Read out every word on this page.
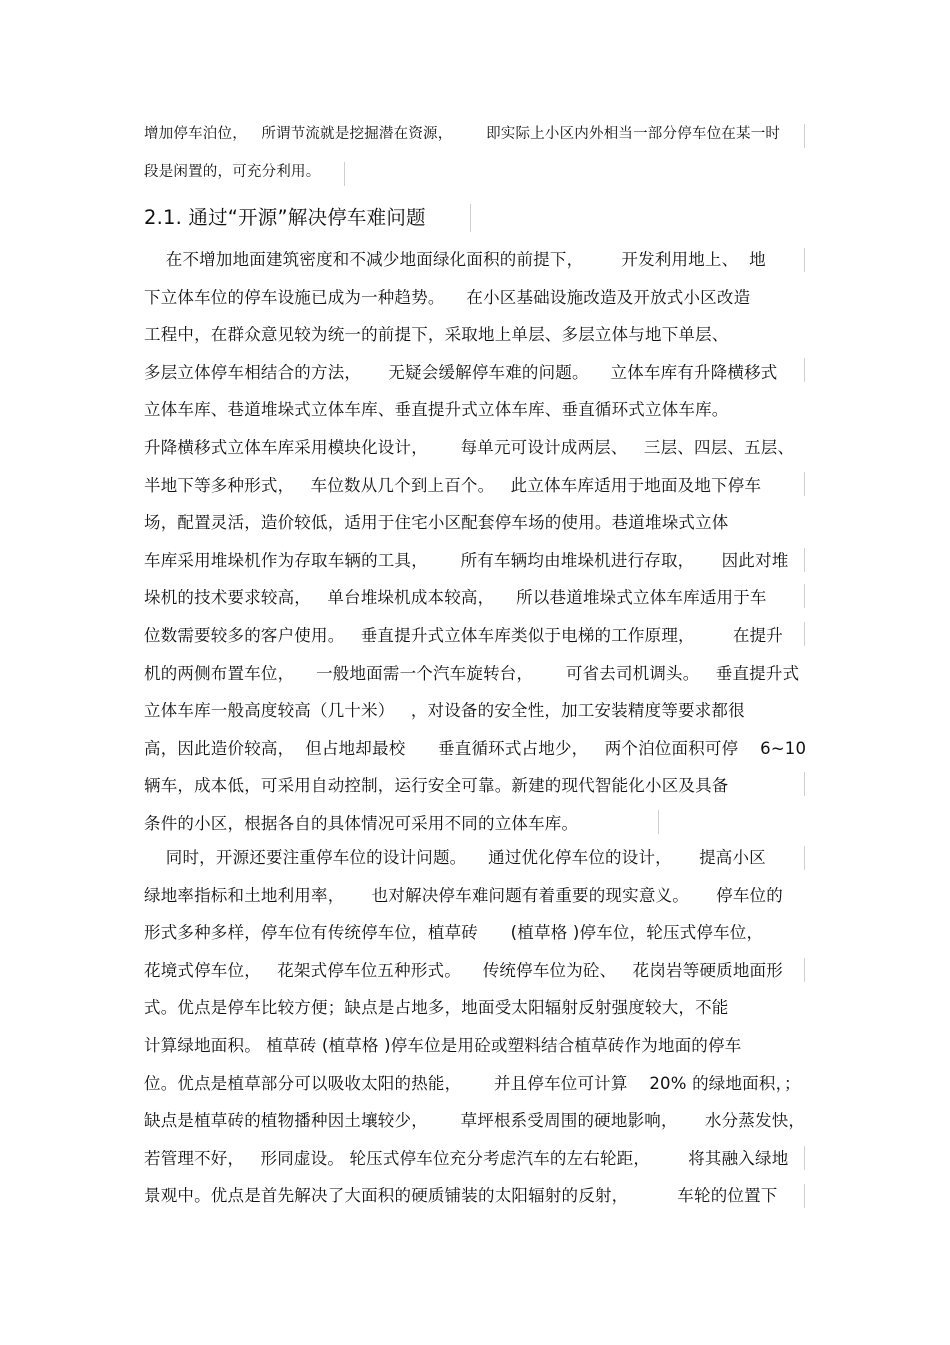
增加停车泊位，   所谓节流就是挖掘潜在资源，       即实际上小区内外相当一部分停车位在某一时
段是闲置的，可充分利用。
2.1. 通过“开源”解决停车难问题
在不增加地面建筑密度和不减少地面绿化面积的前提下，       开发利用地上、  地
下立体车位的停车设施已成为一种趋势。    在小区基础设施改造及开放式小区改造
工程中，在群众意见较为统一的前提下，采取地上单层、多层立体与地下单层、
多层立体停车相结合的方法，     无疑会缓解停车难的问题。    立体车库有升降横移式
立体车库、巷道堆垛式立体车库、垂直提升式立体车库、垂直循环式立体车库。
升降横移式立体车库采用模块化设计，      每单元可设计成两层、   三层、四层、五层、
半地下等多种形式，   车位数从几个到上百个。   此立体车库适用于地面及地下停车
场，配置灵活，造价较低，适用于住宅小区配套停车场的使用。巷道堆垛式立体
车库采用堆垛机作为存取车辆的工具，      所有车辆均由堆垛机进行存取，     因此对堆
垛机的技术要求较高，   单台堆垛机成本较高，    所以巷道堆垛式立体车库适用于车
位数需要较多的客户使用。   垂直提升式立体车库类似于电梯的工作原理，       在提升
机的两侧布置车位，    一般地面需一个汽车旋转台，      可省去司机调头。   垂直提升式
立体车库一般高度较高（几十米）   ，对设备的安全性，加工安装精度等要求都很
高，因此造价较高，  但占地却最校      垂直循环式占地少，   两个泊位面积可停    6~10
辆车，成本低，可采用自动控制，运行安全可靠。新建的现代智能化小区及具备
条件的小区，根据各自的具体情况可采用不同的立体车库。
同时，开源还要注重停车位的设计问题。    通过优化停车位的设计，     提高小区
绿地率指标和土地利用率，     也对解决停车难问题有着重要的现实意义。     停车位的
形式多种多样，停车位有传统停车位，植草砖      (植草格 )停车位，轮压式停车位，
花境式停车位，   花架式停车位五种形式。    传统停车位为砼、   花岗岩等硬质地面形
式。优点是停车比较方便；缺点是占地多，地面受太阳辐射反射强度较大，不能
计算绿地面积。 植草砖 (植草格 )停车位是用砼或塑料结合植草砖作为地面的停车
位。优点是植草部分可以吸收太阳的热能，      并且停车位可计算    20% 的绿地面积，；
缺点是植草砖的植物播种因土壤较少，      草坪根系受周围的硬地影响，     水分蒸发快，
若管理不好，   形同虚设。 轮压式停车位充分考虑汽车的左右轮距，       将其融入绿地
景观中。优点是首先解决了大面积的硬质铺装的太阳辐射的反射，         车轮的位置下
